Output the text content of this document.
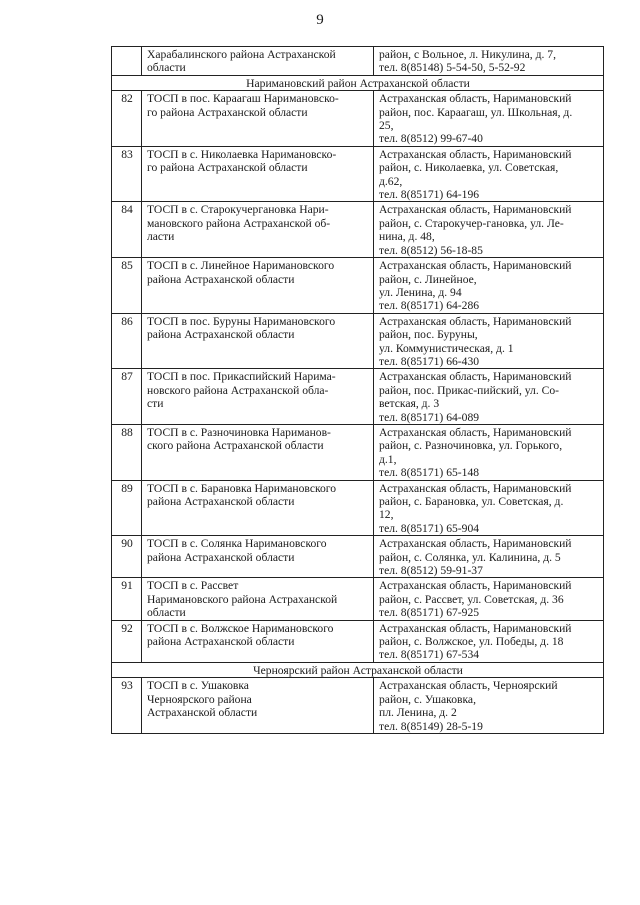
9

	Харабалинского района Астраханской
области	район, с Вольное, л. Никулина, д. 7,
тел. 8(85148) 5-54-50, 5-52-92

Наримановский район Астраханской области		
82	ТОСП в пос. Караагаш Наримановско-
го района Астраханской области	Астраханская область, Наримановский
район, пос. Караагаш, ул. Школьная, д.
25,
тел. 8(8512) 99-67-40

83	ТОСП в с. Николаевка Наримановско-
го района Астраханской области	Астраханская область, Наримановский
район, с. Николаевка, ул. Советская,
д.62,
тел. 8(85171) 64-196

84	ТОСП в с. Старокучергановка Нари-
мановского района Астраханской об-
ласти	Астраханская область, Наримановский
район, с. Старокучер-гановка, ул. Ле-
нина, д. 48,
тел. 8(8512) 56-18-85

85	ТОСП в с. Линейное Наримановского
района Астраханской области	Астраханская область, Наримановский
район, с. Линейное,
ул. Ленина, д. 94
тел. 8(85171) 64-286

86	ТОСП в пос. Буруны Наримановского
района Астраханской области	Астраханская область, Наримановский
район, пос. Буруны,
ул. Коммунистическая, д. 1
тел. 8(85171) 66-430

87	ТОСП в пос. Прикаспийский Нарима-
новского района Астраханской обла-
сти	Астраханская область, Наримановский
район, пос. Прикас-пийский, ул. Со-
ветская, д. 3
тел. 8(85171) 64-089

88	ТОСП в с. Разночиновка Нариманов-
ского района Астраханской области	Астраханская область, Наримановский
район, с. Разночиновка, ул. Горького,
д.1,
тел. 8(85171) 65-148

89	ТОСП в с. Барановка Наримановского
района Астраханской области	Астраханская область, Наримановский
район, с. Барановка, ул. Советская, д.
12,
тел. 8(85171) 65-904

90	ТОСП в с. Солянка Наримановского
района Астраханской области	Астраханская область, Наримановский
район, с. Солянка, ул. Калинина, д. 5
тел. 8(8512) 59-91-37

91	ТОСП в с. Рассвет
Наримановского района Астраханской
области	Астраханская область, Наримановский
район, с. Рассвет, ул. Советская, д. 36
тел. 8(85171) 67-925

92	ТОСП в с. Волжское Наримановского
района Астраханской области	Астраханская область, Наримановский
район, с. Волжское, ул. Победы, д. 18
тел. 8(85171) 67-534

Черноярский район Астраханской области		
93	ТОСП в с. Ушаковка
Черноярского района
Астраханской области	Астраханская область, Черноярский
район, с. Ушаковка,
пл. Ленина, д. 2
тел. 8(85149) 28-5-19
